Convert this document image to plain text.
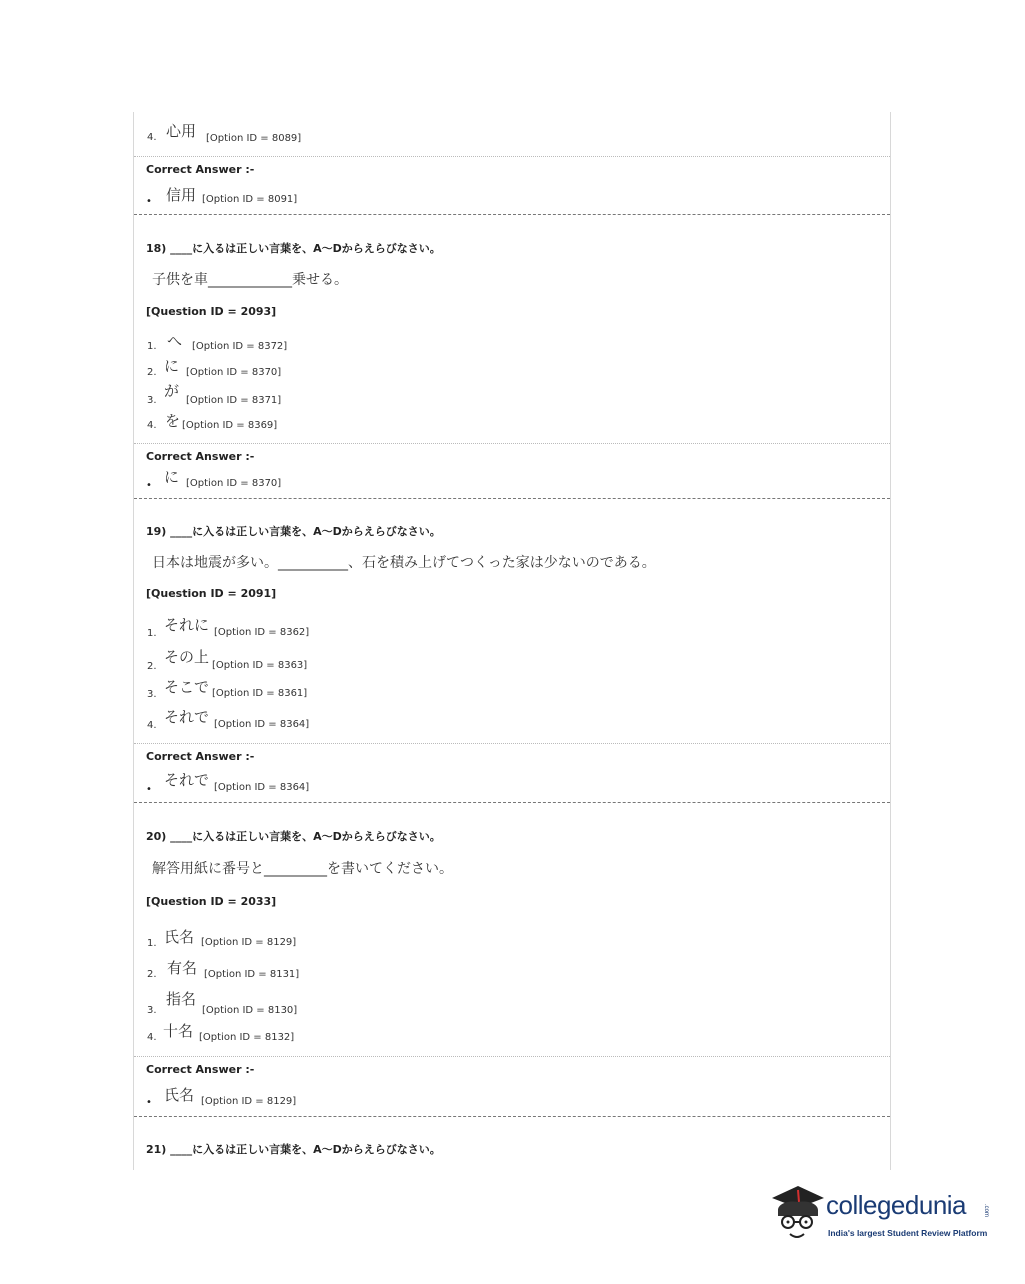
4. 心用 [Option ID = 8089]
Correct Answer :-
• 信用 [Option ID = 8091]
18) ____に入るは正しい言葉を、A～Dからえらびなさい。
子供を車____________乗せる。
[Question ID = 2093]
1. へ [Option ID = 8372]
2. に [Option ID = 8370]
3.
が
[Option ID = 8371]
4. を [Option ID = 8369]
Correct Answer :-
• に [Option ID = 8370]
19) ____に入るは正しい言葉を、A～Dからえらびなさい。
日本は地震が多い。__________、石を積み上げてつくった家は少ないのである。
[Question ID = 2091]
1. それに [Option ID = 8362]
2.
その上 [Option ID = 8363]
3. そこで [Option ID = 8361]
4. それで [Option ID = 8364]
Correct Answer :-
•
それで [Option ID = 8364]
20) ____に入るは正しい言葉を、A～Dからえらびなさい。
解答用紙に番号と_________を書いてください。
[Question ID = 2033]
1. 氏名 [Option ID = 8129]
2. 有名 [Option ID = 8131]
3.
指名
[Option ID = 8130]
4. 十名 [Option ID = 8132]
Correct Answer :-
• 氏名 [Option ID = 8129]
21) ____に入るは正しい言葉を、A～Dからえらびなさい。
collegedunia	.com
India's largest Student Review Platform
